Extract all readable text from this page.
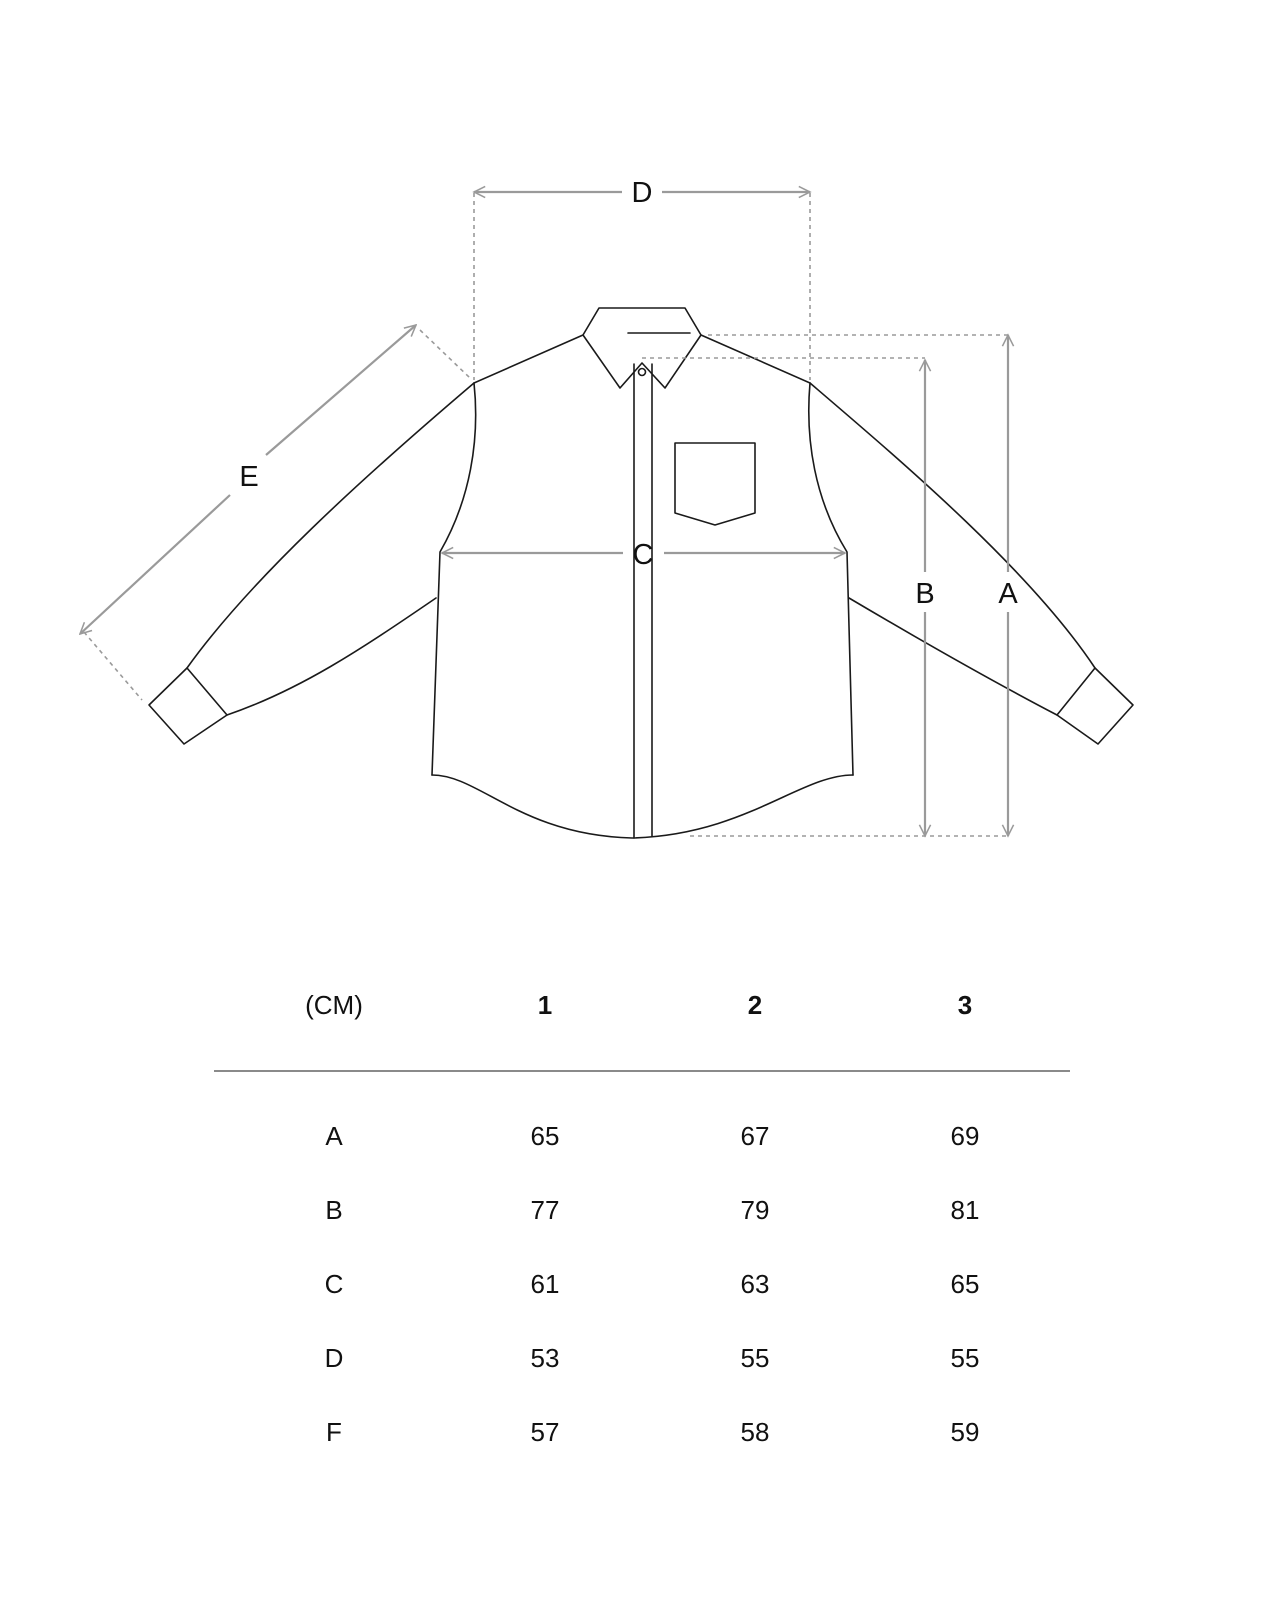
D
C
B A
E
(CM)	1	2	3
A	65	67	69
B	77	79	81
C	61	63	65
D	53	55	55
F	57	58	59
